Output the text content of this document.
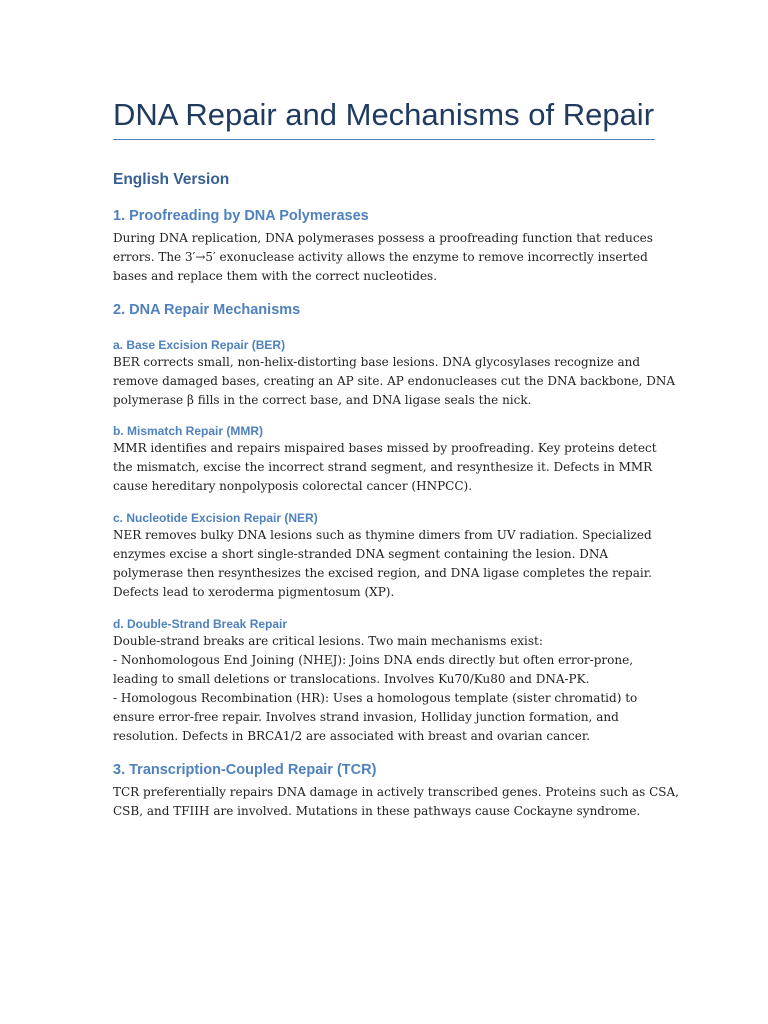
DNA Repair and Mechanisms of Repair
English Version
1. Proofreading by DNA Polymerases

During DNA replication, DNA polymerases possess a proofreading function that reduces
errors. The 3′→5′ exonuclease activity allows the enzyme to remove incorrectly inserted
bases and replace them with the correct nucleotides.

2. DNA Repair Mechanisms
a. Base Excision Repair (BER)

BER corrects small, non-helix-distorting base lesions. DNA glycosylases recognize and
remove damaged bases, creating an AP site. AP endonucleases cut the DNA backbone, DNA
polymerase β fills in the correct base, and DNA ligase seals the nick.

b. Mismatch Repair (MMR)

MMR identifies and repairs mispaired bases missed by proofreading. Key proteins detect
the mismatch, excise the incorrect strand segment, and resynthesize it. Defects in MMR
cause hereditary nonpolyposis colorectal cancer (HNPCC).

c. Nucleotide Excision Repair (NER)

NER removes bulky DNA lesions such as thymine dimers from UV radiation. Specialized
enzymes excise a short single-stranded DNA segment containing the lesion. DNA
polymerase then resynthesizes the excised region, and DNA ligase completes the repair.
Defects lead to xeroderma pigmentosum (XP).

d. Double-Strand Break Repair

Double-strand breaks are critical lesions. Two main mechanisms exist:
- Nonhomologous End Joining (NHEJ): Joins DNA ends directly but often error-prone,
leading to small deletions or translocations. Involves Ku70/Ku80 and DNA-PK.
- Homologous Recombination (HR): Uses a homologous template (sister chromatid) to
ensure error-free repair. Involves strand invasion, Holliday junction formation, and
resolution. Defects in BRCA1/2 are associated with breast and ovarian cancer.

3. Transcription-Coupled Repair (TCR)

TCR preferentially repairs DNA damage in actively transcribed genes. Proteins such as CSA,
CSB, and TFIIH are involved. Mutations in these pathways cause Cockayne syndrome.
